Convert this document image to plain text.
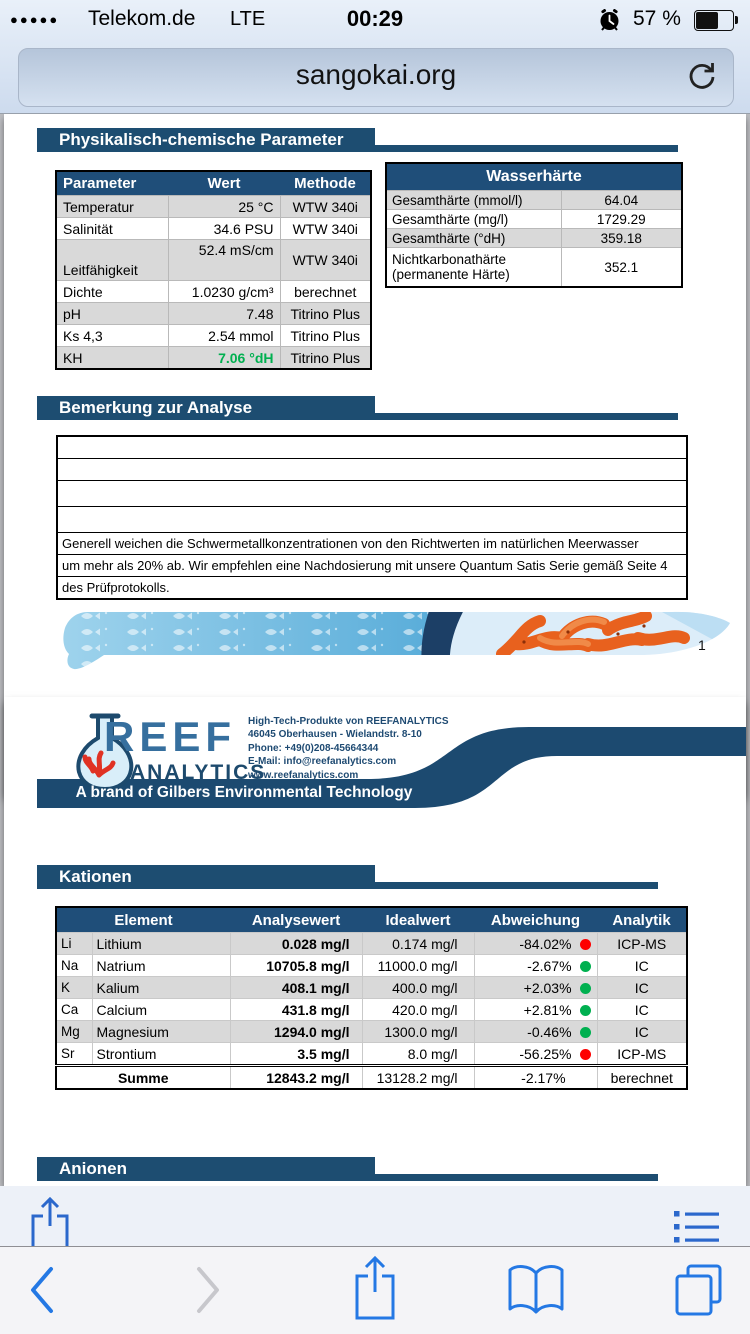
●●●●● Telekom.de LTE	00:29	57 %
sangokai.org
Physikalisch-chemische Parameter
Parameter	Wert	Methode
Temperatur	25 °C	WTW 340i
Salinität	34.6 PSU	WTW 340i
Leitfähigkeit	52.4 mS/cm	WTW 340i
Dichte	1.0230 g/cm³	berechnet
pH	7.48	Titrino Plus
Ks 4,3	2.54 mmol	Titrino Plus
KH	7.06 °dH	Titrino Plus
Wasserhärte	
Gesamthärte (mmol/l)	64.04
Gesamthärte (mg/l)	1729.29
Gesamthärte (°dH)	359.18
Nichtkarbonathärte (permanente Härte)	352.1
Bemerkung zur Analyse

Generell weichen die Schwermetallkonzentrationen von den Richtwerten im natürlichen Meerwasser
um mehr als 20% ab. Wir empfehlen eine Nachdosierung mit unsere Quantum Satis Serie gemäß Seite 4
des Prüfprotokolls.
1
REEF
ANALYTICS
High-Tech-Produkte von REEFANALYTICS
46045 Oberhausen - Wielandstr. 8-10
Phone: +49(0)208-45664344
E-Mail: info@reefanalytics.com
www.reefanalytics.com
A brand of Gilbers Environmental Technology
Kationen
Element		Analysewert	Idealwert	Abweichung	Analytik
Li	Lithium	0.028 mg/l	0.174 mg/l	-84.02%	ICP-MS
Na	Natrium	10705.8 mg/l	11000.0 mg/l	-2.67%	IC
K	Kalium	408.1 mg/l	400.0 mg/l	+2.03%	IC
Ca	Calcium	431.8 mg/l	420.0 mg/l	+2.81%	IC
Mg	Magnesium	1294.0 mg/l	1300.0 mg/l	-0.46%	IC
Sr	Strontium	3.5 mg/l	8.0 mg/l	-56.25%	ICP-MS
Summe		12843.2 mg/l	13128.2 mg/l	-2.17%	berechnet
Anionen
